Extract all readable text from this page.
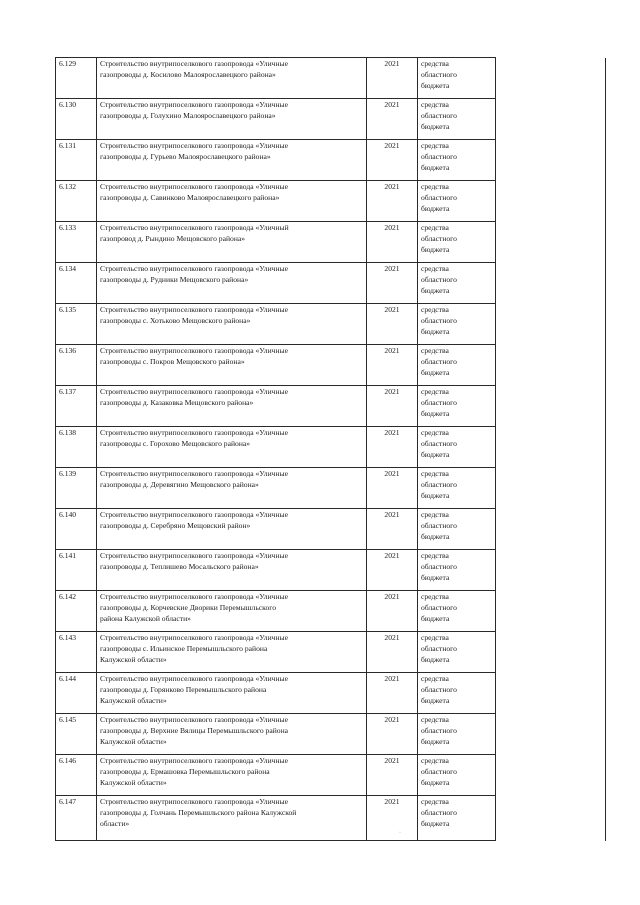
6.129	Строительство внутрипоселкового газопровода «Уличные
газопроводы д. Косилово Малоярославецкого района»	2021	средства
областного
бюджета	

6.130	Строительство внутрипоселкового газопровода «Уличные
газопроводы д. Голухино Малоярославецкого района»	2021	средства
областного
бюджета	

6.131	Строительство внутрипоселкового газопровода «Уличные
газопроводы д. Гурьево Малоярославецкого района»	2021	средства
областного
бюджета	

6.132	Строительство внутрипоселкового газопровода «Уличные
газопроводы д. Савинково Малоярославецкого района»	2021	средства
областного
бюджета	

6.133	Строительство внутрипоселкового газопровода «Уличный
газопровод д. Рындино Мещовского района»	2021	средства
областного
бюджета	

6.134	Строительство внутрипоселкового газопровода «Уличные
газопроводы д. Рудники Мещовского района»	2021	средства
областного
бюджета	

6.135	Строительство внутрипоселкового газопровода «Уличные
газопроводы с. Хотьково Мещовского района»	2021	средства
областного
бюджета	

6.136	Строительство внутрипоселкового газопровода «Уличные
газопроводы с. Покров Мещовского района»	2021	средства
областного
бюджета	

6.137	Строительство внутрипоселкового газопровода «Уличные
газопроводы д. Казаковка Мещовского района»	2021	средства
областного
бюджета	

6.138	Строительство внутрипоселкового газопровода «Уличные
газопроводы с. Горохово Мещовского района»	2021	средства
областного
бюджета	

6.139	Строительство внутрипоселкового газопровода «Уличные
газопроводы д. Деревягино Мещовского района»	2021	средства
областного
бюджета	

6.140	Строительство внутрипоселкового газопровода «Уличные
газопроводы д. Серебряно Мещовский район»	2021	средства
областного
бюджета	

6.141	Строительство внутрипоселкового газопровода «Уличные
газопроводы д. Теплишево Мосальского района»	2021	средства
областного
бюджета	

6.142	Строительство внутрипоселкового газопровода «Уличные
газопроводы д. Корчевские Дворики Перемышльского
района Калужской области»	2021	средства
областного
бюджета	

6.143	Строительство внутрипоселкового газопровода «Уличные
газопроводы с. Ильинское Перемышльского района
Калужской области»	2021	средства
областного
бюджета	

6.144	Строительство внутрипоселкового газопровода «Уличные
газопроводы д. Горянково Перемышльского района
Калужской области»	2021	средства
областного
бюджета	

6.145	Строительство внутрипоселкового газопровода «Уличные
газопроводы д. Верхние Вялицы Перемышльского района
Калужской области»	2021	средства
областного
бюджета	

6.146	Строительство внутрипоселкового газопровода «Уличные
газопроводы д. Ермашовка Перемышльского района
Калужской области»	2021	средства
областного
бюджета	

6.147	Строительство внутрипоселкового газопровода «Уличные
газопроводы д. Голчань Перемышльского района Калужской
области»	2021	средства
областного
бюджета	

·
